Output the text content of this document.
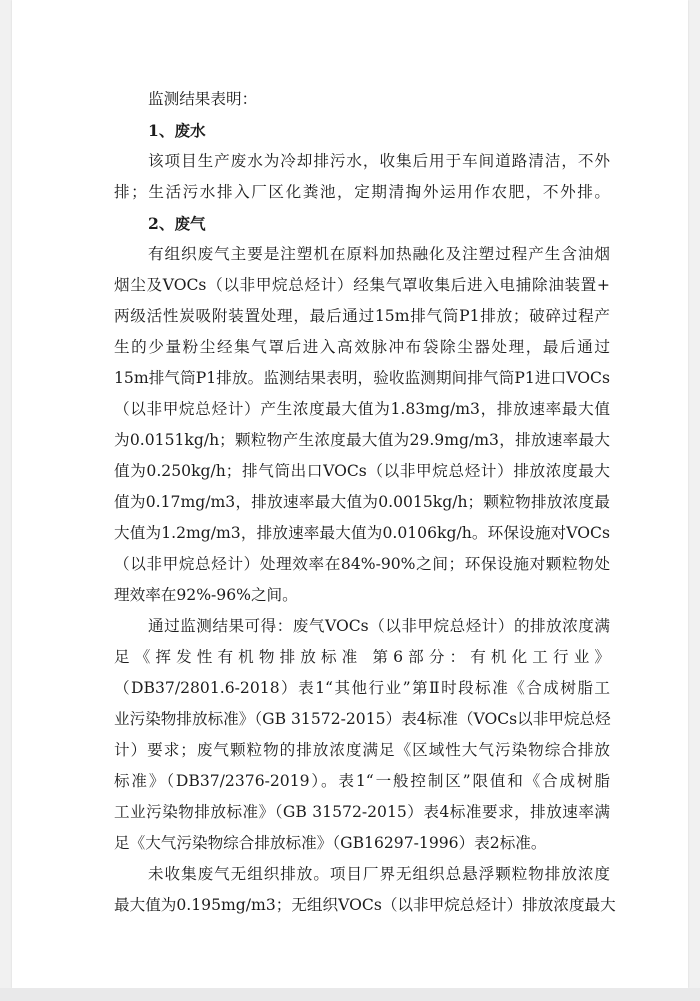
监测结果表明：
1、废水
该项目生产废水为冷却排污水，收集后用于车间道路清洁，不外
排；生活污水排入厂区化粪池，定期清掏外运用作农肥，不外排。
2、废气
有组织废气主要是注塑机在原料加热融化及注塑过程产生含油烟
烟尘及VOCs（以非甲烷总烃计）经集气罩收集后进入电捕除油装置+
两级活性炭吸附装置处理，最后通过15m排气筒P1排放；破碎过程产
生的少量粉尘经集气罩后进入高效脉冲布袋除尘器处理，最后通过
15m排气筒P1排放。监测结果表明，验收监测期间排气筒P1进口VOCs
（以非甲烷总烃计）产生浓度最大值为1.83mg/m3，排放速率最大值
为0.0151kg/h；颗粒物产生浓度最大值为29.9mg/m3，排放速率最大
值为0.250kg/h；排气筒出口VOCs（以非甲烷总烃计）排放浓度最大
值为0.17mg/m3，排放速率最大值为0.0015kg/h；颗粒物排放浓度最
大值为1.2mg/m3，排放速率最大值为0.0106kg/h。环保设施对VOCs
（以非甲烷总烃计）处理效率在84%-90%之间；环保设施对颗粒物处
理效率在92%-96%之间。
通过监测结果可得：废气VOCs（以非甲烷总烃计）的排放浓度满
足《挥发性有机物排放标准 第6部分：有机化工行业》
（DB37/2801.6-2018）表1“其他行业”第Ⅱ时段标准《合成树脂工
业污染物排放标准》（GB 31572-2015）表4标准（VOCs以非甲烷总烃
计）要求；废气颗粒物的排放浓度满足《区域性大气污染物综合排放
标准》（DB37/2376-2019）。表1“一般控制区”限值和《合成树脂
工业污染物排放标准》（GB 31572-2015）表4标准要求，排放速率满
足《大气污染物综合排放标准》（GB16297-1996）表2标准。
未收集废气无组织排放。项目厂界无组织总悬浮颗粒物排放浓度
最大值为0.195mg/m3；无组织VOCs（以非甲烷总烃计）排放浓度最大
